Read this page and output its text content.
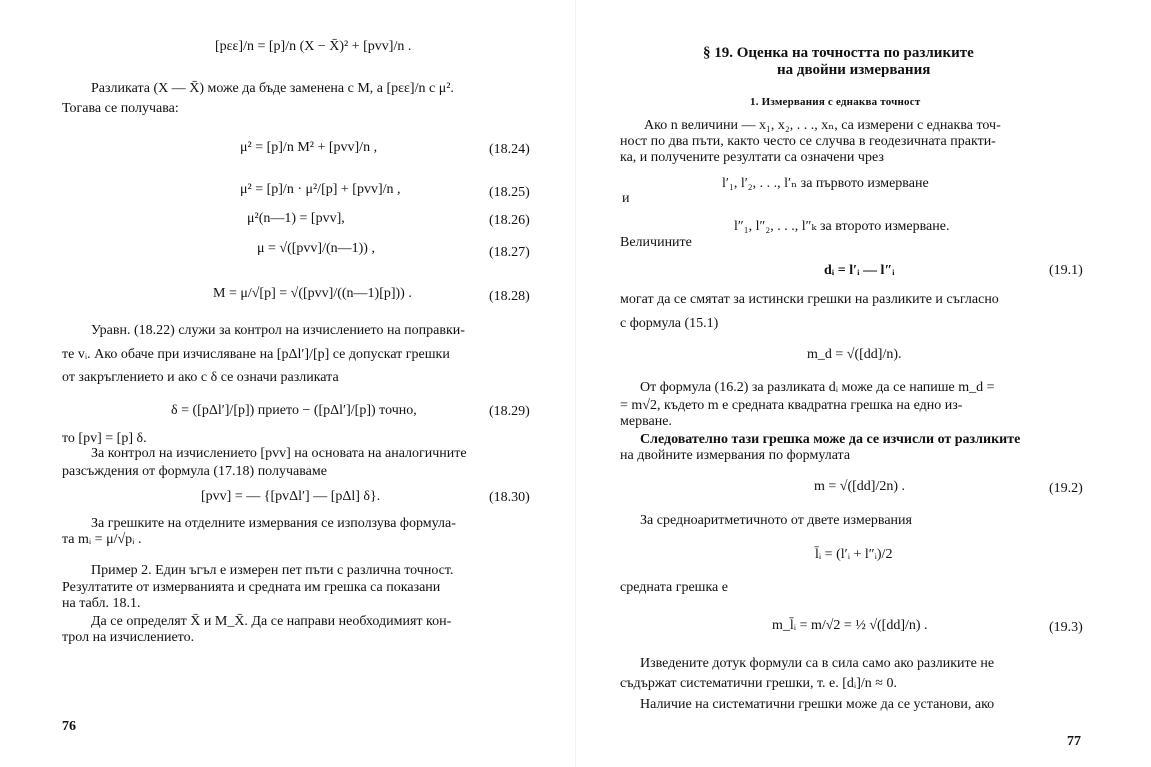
[pεε]/n = [p]/n (X − X̄)² + [pvv]/n .
Разликата (X — X̄) може да бъде заменена с M, а [pεε]/n с μ².
Тогава се получава:
μ² = [p]/n M² + [pvv]/n ,	(18.24)
μ² = [p]/n · μ²/[p] + [pvv]/n ,	(18.25)
μ²(n—1) = [pvv],	(18.26)
μ = √([pvv]/(n—1)) ,	(18.27)
M = μ/√[p] = √([pvv]/((n—1)[p])) .	(18.28)
Уравн. (18.22) служи за контрол на изчислението на поправки-
те vᵢ. Ако обаче при изчисляване на [pΔl′]/[p] се допускат грешки
от закръглението и ако с δ се означи разликата
δ = ([pΔl′]/[p]) прието − ([pΔl′]/[p]) точно,	(18.29)
то [pv] = [p] δ.
За контрол на изчислението [pvv] на основата на аналогичните
разсъждения от формула (17.18) получаваме
[pvv] = — {[pvΔl′] — [pΔl] δ}.	(18.30)
За грешките на отделните измервания се използува формула-
та mᵢ = μ/√pᵢ .
Пример 2. Един ъгъл е измерен пет пъти с различна точност.
Резултатите от измерванията и средната им грешка са показани
на табл. 18.1.
Да се определят X̄ и M_X̄. Да се направи необходимият кон-
трол на изчислението.
76
§ 19. Оценка на точността по разликите
на двойни измервания
1. Измервания с еднаква точност
Ако n величини — x₁, x₂, . . ., xₙ, са измерени с еднаква точ-
ност по два пъти, както често се случва в геодезичната практи-
ка, и получените резултати са означени чрез
l′₁, l′₂, . . ., l′ₙ за първото измерване
и
l″₁, l″₂, . . ., l″ₖ за второто измерване.
Величините
dᵢ = l′ᵢ — l″ᵢ	(19.1)
могат да се смятат за истински грешки на разликите и съгласно
с формула (15.1)
m_d = √([dd]/n).
От формула (16.2) за разликата dᵢ може да се напише m_d =
= m√2, където m е средната квадратна грешка на едно из-
мерване.
Следователно тази грешка може да се изчисли от разликите
на двойните измервания по формулата
m = √([dd]/2n) .	(19.2)
За средноаритметичното от двете измервания
l̄ᵢ = (l′ᵢ + l″ᵢ)/2
средната грешка е
m_l̄ᵢ = m/√2 = ½ √([dd]/n) .	(19.3)
Изведените дотук формули са в сила само ако разликите не
съдържат систематични грешки, т. е. [dᵢ]/n ≈ 0.
Наличие на систематични грешки може да се установи, ако
77
